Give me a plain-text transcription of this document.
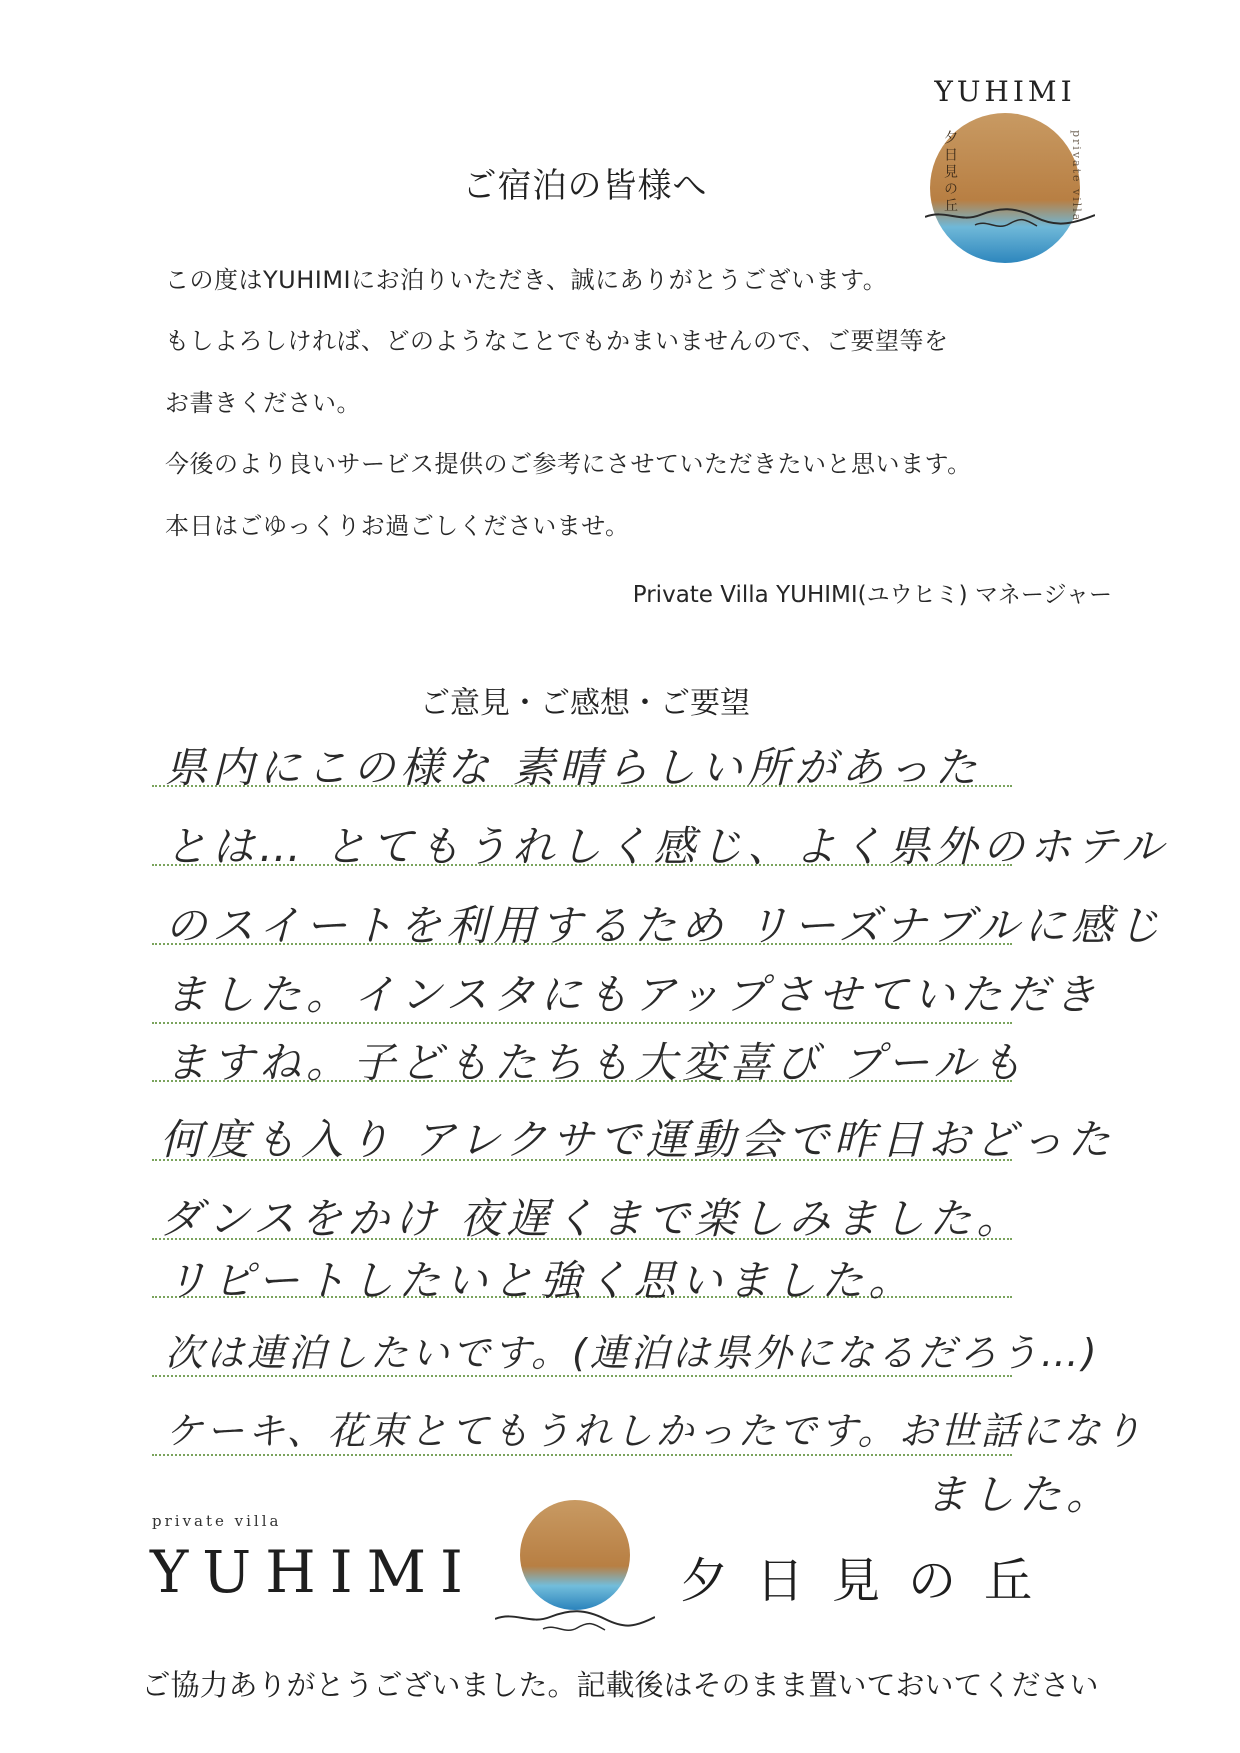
YUHIMI
夕日見の丘	private villa
ご宿泊の皆様へ
この度はYUHIMIにお泊りいただき、誠にありがとうございます。
もしよろしければ、どのようなことでもかまいませんので、ご要望等を
お書きください。
今後のより良いサービス提供のご参考にさせていただきたいと思います。
本日はごゆっくりお過ごしくださいませ。
Private Villa YUHIMI(ユウヒミ) マネージャー
ご意見・ご感想・ご要望
県内にこの様な 素晴らしい所があった
とは… とてもうれしく感じ、よく県外のホテル
のスイートを利用するため リーズナブルに感じ
ました。インスタにもアップさせていただき
ますね。子どもたちも大変喜び プールも
何度も入り アレクサで運動会で昨日おどった
ダンスをかけ 夜遅くまで楽しみました。
リピートしたいと強く思いました。
次は連泊したいです。(連泊は県外になるだろう…)
ケーキ、花束とてもうれしかったです。お世話になり
ました。
private villa
YUHIMI	夕日見の丘
ご協力ありがとうございました。記載後はそのまま置いておいてください
